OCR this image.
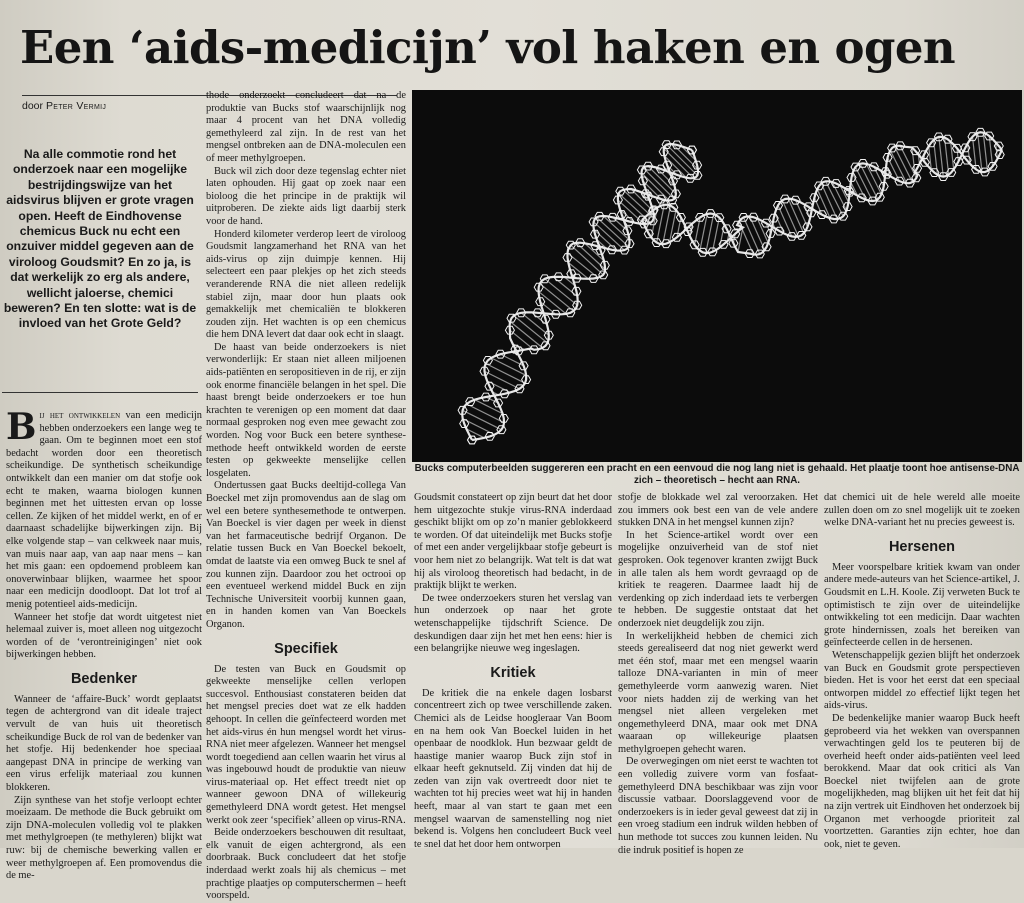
Een ‘aids-medicijn’ vol haken en ogen
door Peter Vermij
Na alle commotie rond het onderzoek naar een mogelijke bestrijdingswijze van het aidsvirus blijven er grote vragen open. Heeft de Eindhovense chemicus Buck nu echt een onzuiver middel gegeven aan de viroloog Goudsmit? En zo ja, is dat werkelijk zo erg als andere, wellicht jaloerse, chemici beweren? En ten slotte: wat is de invloed van het Grote Geld?

Bij het ontwikkelen van een medicijn hebben onderzoekers een lange weg te gaan. Om te beginnen moet een stof bedacht worden door een theoretisch scheikundige. De synthetisch scheikundige ontwikkelt dan een manier om dat stofje ook echt te maken, waarna biologen kunnen beginnen met het uittesten ervan op losse cellen. Ze kijken of het middel werkt, en of er daarnaast schadelijke bijwerkingen zijn. Bij elke volgende stap – van celkweek naar muis, van muis naar aap, van aap naar mens – kan het mis gaan: een opdoemend probleem kan onoverwinbaar blijken, waarmee het spoor naar een medicijn doodloopt. Dat lot trof al menig potentieel aids-medicijn.

Wanneer het stofje dat wordt uitgetest niet helemaal zuiver is, moet alleen nog uitgezocht worden of de ‘verontreinigingen’ niet ook bijwerkingen hebben.

Bedenker

Wanneer de ‘affaire-Buck’ wordt geplaatst tegen de achtergrond van dit ideale traject vervult de van huis uit theoretisch scheikundige Buck de rol van de bedenker van het stofje. Hij bedenkender hoe speciaal aangepast DNA in principe de werking van een virus erfelijk materiaal zou kunnen blokkeren.

Zijn synthese van het stofje verloopt echter moeizaam. De methode die Buck gebruikt om zijn DNA-moleculen volledig vol te plakken met methylgroepen (te methyleren) blijkt wat ruw: bij de chemische bewerking vallen er weer methylgroepen af. Een promovendus die de me-

thode onderzoekt concludeert dat na de produktie van Bucks stof waarschijnlijk nog maar 4 procent van het DNA volledig gemethyleerd zal zijn. In de rest van het mengsel ontbreken aan de DNA-moleculen een of meer methylgroepen.

Buck wil zich door deze tegenslag echter niet laten ophouden. Hij gaat op zoek naar een bioloog die het principe in de praktijk wil uitproberen. De ziekte aids ligt daarbij sterk voor de hand.

Honderd kilometer verderop leert de viroloog Goudsmit langzamerhand het RNA van het aids-virus op zijn duimpje kennen. Hij selecteert een paar plekjes op het zich steeds veranderende RNA die niet alleen redelijk stabiel zijn, maar door hun plaats ook gemakkelijk met chemicaliën te blokkeren zouden zijn. Het wachten is op een chemicus die hem DNA levert dat daar ook echt in slaagt.

De haast van beide onderzoekers is niet verwonderlijk: Er staan niet alleen miljoenen aids-patiënten en seropositieven in de rij, er zijn ook enorme financiële belangen in het spel. Die haast brengt beide onderzoekers er toe hun krachten te verenigen op een moment dat daar normaal gesproken nog even mee gewacht zou worden. Nog voor Buck een betere synthese-methode heeft ontwikkeld worden de eerste testen op gekweekte menselijke cellen losgelaten.

Ondertussen gaat Bucks deeltijd-collega Van Boeckel met zijn promovendus aan de slag om wel een betere synthesemethode te ontwerpen. Van Boeckel is vier dagen per week in dienst van het farmaceutische bedrijf Organon. De relatie tussen Buck en Van Boeckel bekoelt, omdat de laatste via een omweg Buck te snel af zou kunnen zijn. Daardoor zou het octrooi op een eventueel werkend middel Buck en zijn Technische Universiteit voorbij kunnen gaan, en in handen komen van Van Boeckels Organon.

Specifiek

De testen van Buck en Goudsmit op gekweekte menselijke cellen verlopen succesvol. Enthousiast constateren beiden dat het mengsel precies doet wat ze elk hadden gehoopt. In cellen die geïnfecteerd worden met het aids-virus én hun mengsel wordt het virus-RNA niet meer afgelezen. Wanneer het mengsel wordt toegediend aan cellen waarin het virus al was ingebouwd houdt de produktie van nieuw virus-materiaal op. Het effect treedt niet op wanneer gewoon DNA of willekeurig gemethyleerd DNA wordt getest. Het mengsel werkt ook zeer ‘specifiek’ alleen op virus-RNA.

Beide onderzoekers beschouwen dit resultaat, elk vanuit de eigen achtergrond, als een doorbraak. Buck concludeert dat het stofje inderdaad werkt zoals hij als chemicus – met prachtige plaatjes op computerschermen – heeft voorspeld.

Bucks computerbeelden suggereren een pracht en een eenvoud die nog lang niet is gehaald. Het plaatje toont hoe antisense-DNA zich – theoretisch – hecht aan RNA.

Goudsmit constateert op zijn beurt dat het door hem uitgezochte stukje virus-RNA inderdaad geschikt blijkt om op zo’n manier geblokkeerd te worden. Of dat uiteindelijk met Bucks stofje of met een ander vergelijkbaar stofje gebeurt is voor hem niet zo belangrijk. Wat telt is dat wat hij als viroloog theoretisch had bedacht, in de praktijk blijkt te werken.

De twee onderzoekers sturen het verslag van hun onderzoek op naar het grote wetenschappelijke tijdschrift Science. De deskundigen daar zijn het met hen eens: hier is een belangrijke nieuwe weg ingeslagen.

Kritiek

De kritiek die na enkele dagen losbarst concentreert zich op twee verschillende zaken. Chemici als de Leidse hoogleraar Van Boom en na hem ook Van Boeckel luiden in het openbaar de noodklok. Hun bezwaar geldt de haastige manier waarop Buck zijn stof in elkaar heeft geknutseld. Zij vinden dat hij de zeden van zijn vak overtreedt door niet te wachten tot hij precies weet wat hij in handen heeft, maar al van start te gaan met een mengsel waarvan de samenstelling nog niet bekend is. Volgens hen concludeert Buck veel te snel dat het door hem ontworpen

stofje de blokkade wel zal veroorzaken. Het zou immers ook best een van de vele andere stukken DNA in het mengsel kunnen zijn?

In het Science-artikel wordt over een mogelijke onzuiverheid van de stof niet gesproken. Ook tegenover kranten zwijgt Buck in alle talen als hem wordt gevraagd op de kritiek te reageren. Daarmee laadt hij de verdenking op zich inderdaad iets te verbergen te hebben. De suggestie ontstaat dat het onderzoek niet deugdelijk zou zijn.

In werkelijkheid hebben de chemici zich steeds gerealiseerd dat nog niet gewerkt werd met één stof, maar met een mengsel waarin talloze DNA-varianten in min of meer gemethyleerde vorm aanwezig waren. Niet voor niets hadden zij de werking van het mengsel niet alleen vergeleken met ongemethyleerd DNA, maar ook met DNA waaraan op willekeurige plaatsen methylgroepen gehecht waren.

De overwegingen om niet eerst te wachten tot een volledig zuivere vorm van fosfaat-gemethyleerd DNA beschikbaar was zijn voor discussie vatbaar. Doorslaggevend voor de onderzoekers is in ieder geval geweest dat zij in een vroeg stadium een indruk wilden hebben of hun methode tot succes zou kunnen leiden. Nu die indruk positief is hopen ze

dat chemici uit de hele wereld alle moeite zullen doen om zo snel mogelijk uit te zoeken welke DNA-variant het nu precies geweest is.

Hersenen

Meer voorspelbare kritiek kwam van onder andere mede-auteurs van het Science-artikel, J. Goudsmit en L.H. Koole. Zij verweten Buck te optimistisch te zijn over de uiteindelijke ontwikkeling tot een medicijn. Daar wachten grote hindernissen, zoals het bereiken van geïnfecteerde cellen in de hersenen.

Wetenschappelijk gezien blijft het onderzoek van Buck en Goudsmit grote perspectieven bieden. Het is voor het eerst dat een speciaal ontworpen middel zo effectief lijkt tegen het aids-virus.

De bedenkelijke manier waarop Buck heeft geprobeerd via het wekken van overspannen verwachtingen geld los te peuteren bij de overheid heeft onder aids-patiënten veel leed berokkend. Maar dat ook critici als Van Boeckel niet twijfelen aan de grote mogelijkheden, mag blijken uit het feit dat hij na zijn vertrek uit Eindhoven het onderzoek bij Organon met verhoogde prioriteit zal voortzetten. Garanties zijn echter, hoe dan ook, niet te geven.
